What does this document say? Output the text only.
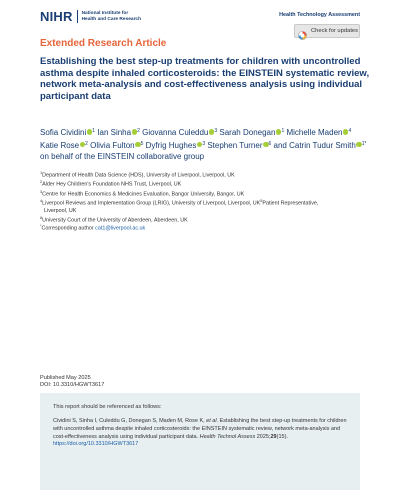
NIHR National Institute for
Health and Care Research
Health Technology Assessment
Check for updates
Extended Research Article
Establishing the best step-up treatments for children with uncontrolled asthma despite inhaled corticosteroids: the EINSTEIN systematic review, network meta-analysis and cost-effectiveness analysis using individual participant data
Sofia Cividini $^1$ Ian Sinha $^2$ Giovanna Culeddu $^3$ Sarah Donegan $^1$ Michelle Maden $^4$ Katie Rose $^2$ Olivia Fulton $^5$ Dyfrig Hughes $^3$ Stephen Turner $^6$ and Catrin Tudur Smith $^{1*}$ on behalf of the EINSTEIN collaborative group
$^1$Department of Health Data Science (HDS), University of Liverpool, Liverpool, UK
$^2$Alder Hey Children's Foundation NHS Trust, Liverpool, UK
$^3$Centre for Health Economics & Medicines Evaluation, Bangor University, Bangor, UK
$^4$Liverpool Reviews and Implementation Group (LRIG), University of Liverpool, Liverpool, UK$^5$Patient Representative,
Liverpool, UK
$^6$University Court of the University of Aberdeen, Aberdeen, UK
*Corresponding author cat1@liverpool.ac.uk
Published May 2025
DOI: 10.3310/HGWT3617
This report should be referenced as follows:
Cividini S, Sinha I, Culeddu G, Donegan S, Maden M, Rose K, et al. Establishing the best step-up treatments for children with uncontrolled asthma despite inhaled corticosteroids: the EINSTEIN systematic review, network meta-analysis and cost-effectiveness analysis using individual participant data. Health Technol Assess 2025;29(15). https://doi.org/10.3310/HGWT3617
